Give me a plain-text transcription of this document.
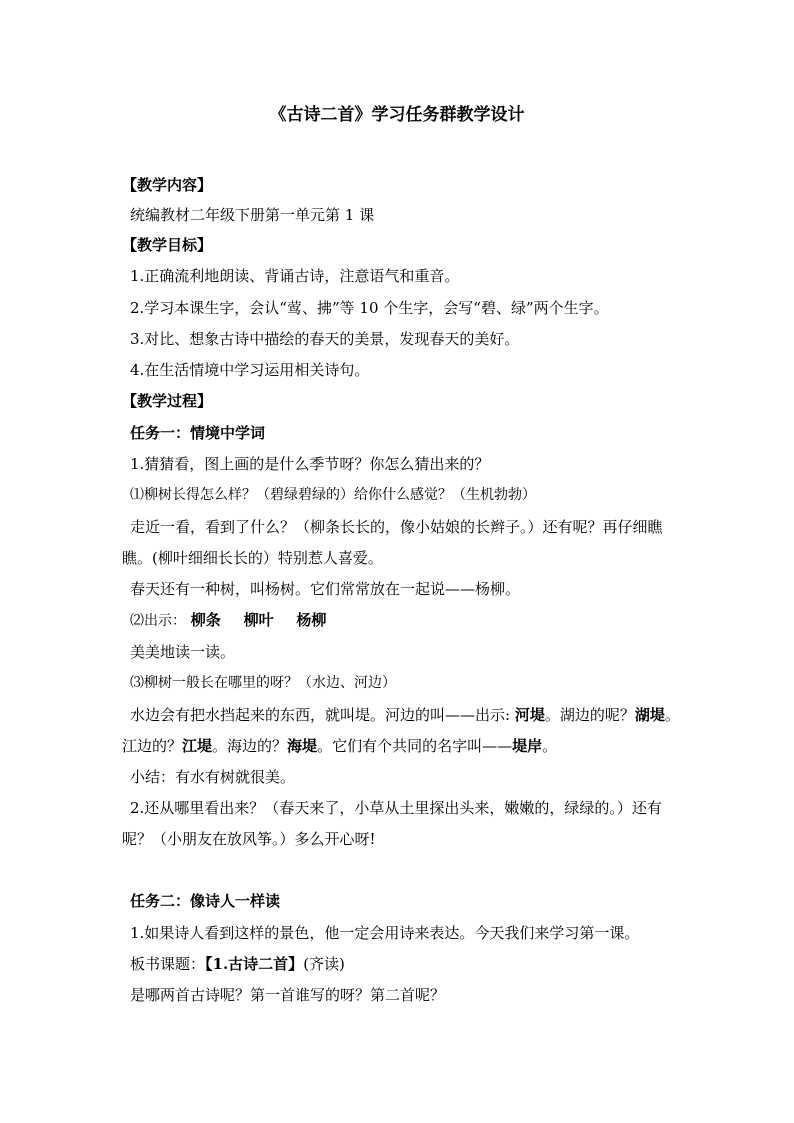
《古诗二首》学习任务群教学设计
【教学内容】
统编教材二年级下册第一单元第 1 课
【教学目标】
1.正确流利地朗读、背诵古诗，注意语气和重音。
2.学习本课生字，会认“莺、拂”等 10 个生字，会写“碧、绿”两个生字。
3.对比、想象古诗中描绘的春天的美景，发现春天的美好。
4.在生活情境中学习运用相关诗句。
【教学过程】
任务一：情境中学词
1.猜猜看，图上画的是什么季节呀？你怎么猜出来的？
⑴柳树长得怎么样？（碧绿碧绿的）给你什么感觉？（生机勃勃）
走近一看，看到了什么？（柳条长长的，像小姑娘的长辫子。）还有呢？再仔细瞧
瞧。(柳叶细细长长的）特别惹人喜爱。
春天还有一种树，叫杨树。它们常常放在一起说——杨柳。
⑵出示： 柳条 柳叶 杨柳
美美地读一读。
⑶柳树一般长在哪里的呀？（水边、河边）
水边会有把水挡起来的东西，就叫堤。河边的叫——出示: 河堤。湖边的呢？湖堤。
江边的？江堤。海边的？海堤。它们有个共同的名字叫——堤岸。
小结：有水有树就很美。
2.还从哪里看出来？（春天来了，小草从土里探出头来，嫩嫩的，绿绿的。）还有
呢？（小朋友在放风筝。）多么开心呀!
任务二：像诗人一样读
1.如果诗人看到这样的景色，他一定会用诗来表达。今天我们来学习第一课。
板书课题：【1.古诗二首】(齐读)
是哪两首古诗呢？第一首谁写的呀？第二首呢？
